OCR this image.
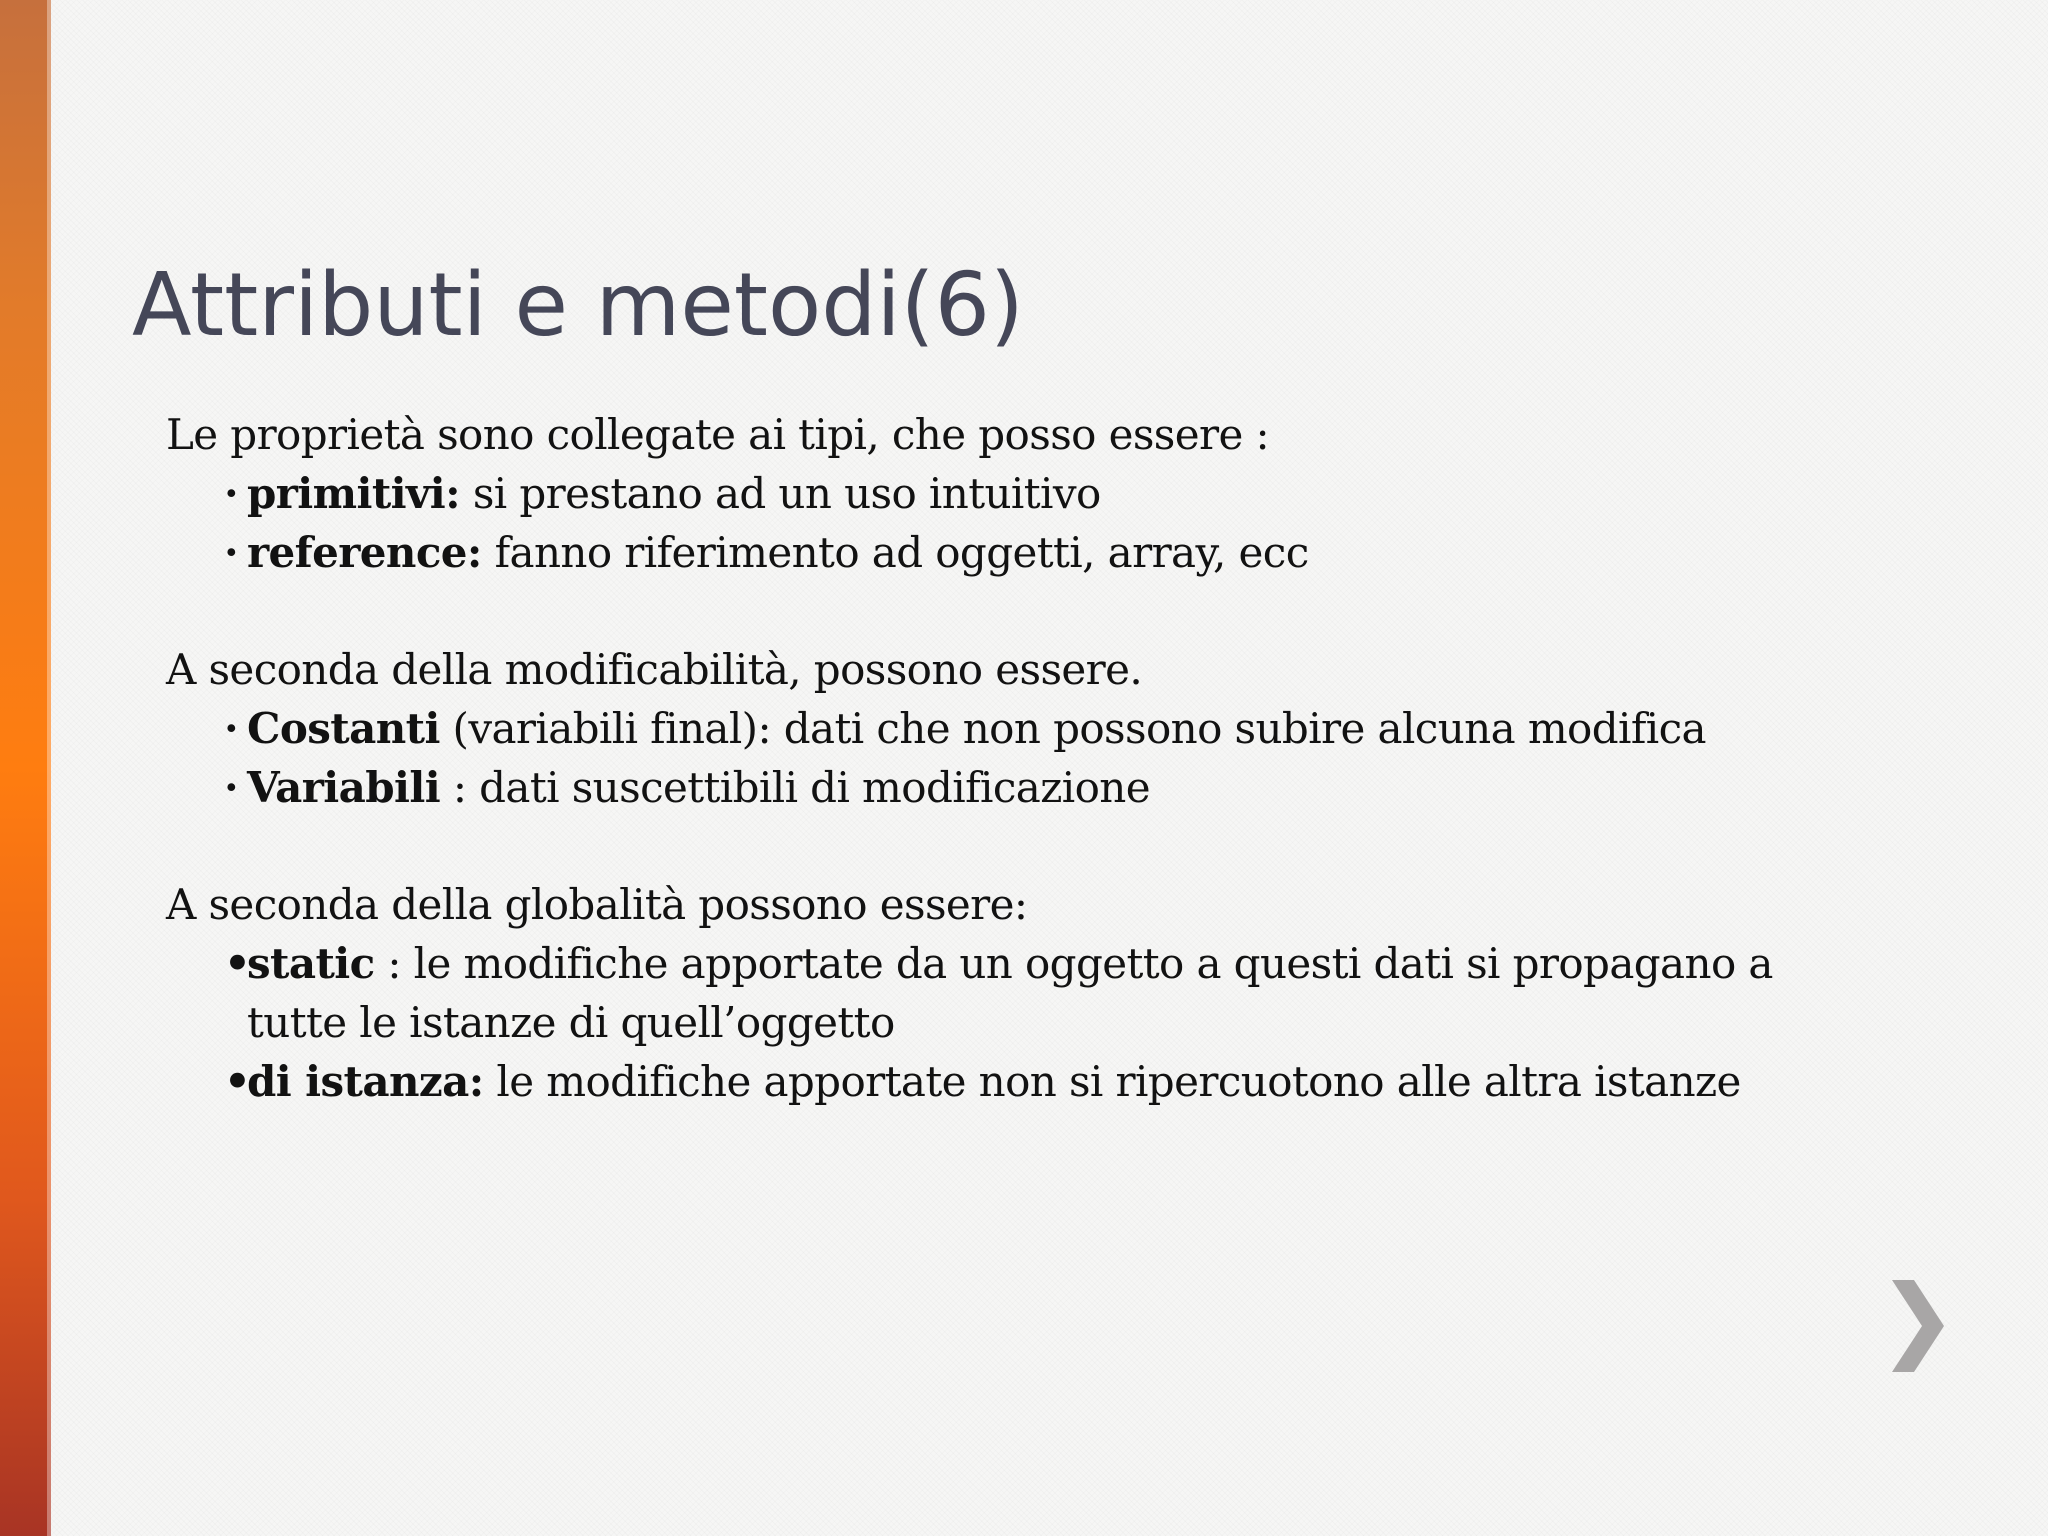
Attributi e metodi(6)

Le proprietà sono collegate ai tipi, che posso essere :

· primitivi: si prestano ad un uso intuitivo
· reference: fanno riferimento ad oggetti, array, ecc

A seconda della modificabilità, possono essere.

· Costanti (variabili final): dati che non possono subire alcuna modifica
· Variabili : dati suscettibili di modificazione

A seconda della globalità possono essere:

•
static : le modifiche apportate da un oggetto a questi dati si propagano a tutte le istanze di quell’oggetto
•
di istanza: le modifiche apportate non si ripercuotono alle altra istanze
